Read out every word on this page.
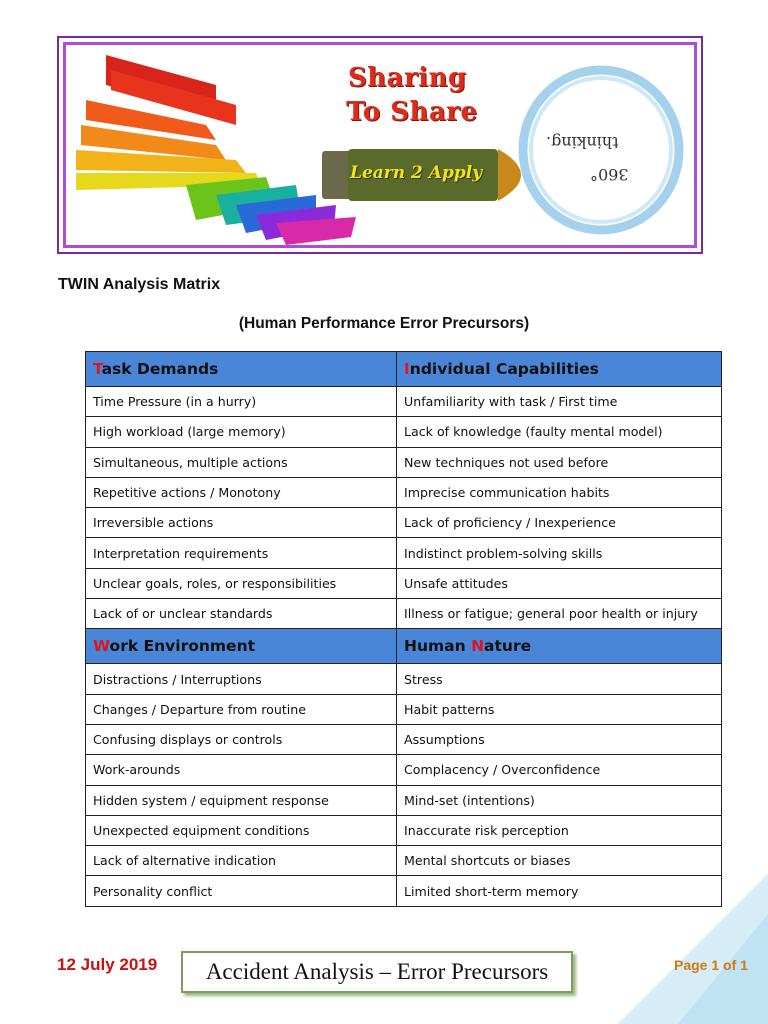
Sharing
To Share
Learn 2 Apply
thinking.
360°
TWIN Analysis Matrix
(Human Performance Error Precursors)
Task Demands	Individual Capabilities
Time Pressure (in a hurry)	Unfamiliarity with task / First time
High workload (large memory)	Lack of knowledge (faulty mental model)
Simultaneous, multiple actions	New techniques not used before
Repetitive actions / Monotony	Imprecise communication habits
Irreversible actions	Lack of proficiency / Inexperience
Interpretation requirements	Indistinct problem-solving skills
Unclear goals, roles, or responsibilities	Unsafe attitudes
Lack of or unclear standards	Illness or fatigue; general poor health or injury
Work Environment	Human Nature
Distractions / Interruptions	Stress
Changes / Departure from routine	Habit patterns
Confusing displays or controls	Assumptions
Work-arounds	Complacency / Overconfidence
Hidden system / equipment response	Mind-set (intentions)
Unexpected equipment conditions	Inaccurate risk perception
Lack of alternative indication	Mental shortcuts or biases
Personality conflict	Limited short-term memory
12 July 2019	Accident Analysis – Error Precursors	Page 1 of 1
